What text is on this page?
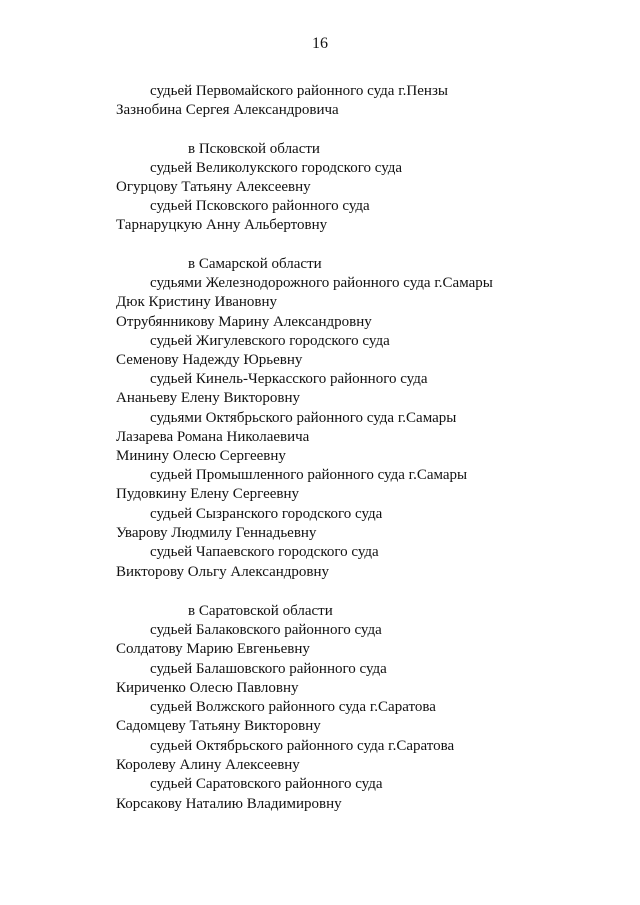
16
судьей Первомайского районного суда г.Пензы
Зазнобина Сергея Александровича
в Псковской области
судьей Великолукского городского суда
Огурцову Татьяну Алексеевну
судьей Псковского районного суда
Тарнаруцкую Анну Альбертовну
в Самарской области
судьями Железнодорожного районного суда г.Самары
Дюк Кристину Ивановну
Отрубянникову Марину Александровну
судьей Жигулевского городского суда
Семенову Надежду Юрьевну
судьей Кинель-Черкасского районного суда
Ананьеву Елену Викторовну
судьями Октябрьского районного суда г.Самары
Лазарева Романа Николаевича
Минину Олесю Сергеевну
судьей Промышленного районного суда г.Самары
Пудовкину Елену Сергеевну
судьей Сызранского городского суда
Уварову Людмилу Геннадьевну
судьей Чапаевского городского суда
Викторову Ольгу Александровну
в Саратовской области
судьей Балаковского районного суда
Солдатову Марию Евгеньевну
судьей Балашовского районного суда
Кириченко Олесю Павловну
судьей Волжского районного суда г.Саратова
Садомцеву Татьяну Викторовну
судьей Октябрьского районного суда г.Саратова
Королеву Алину Алексеевну
судьей Саратовского районного суда
Корсакову Наталию Владимировну
